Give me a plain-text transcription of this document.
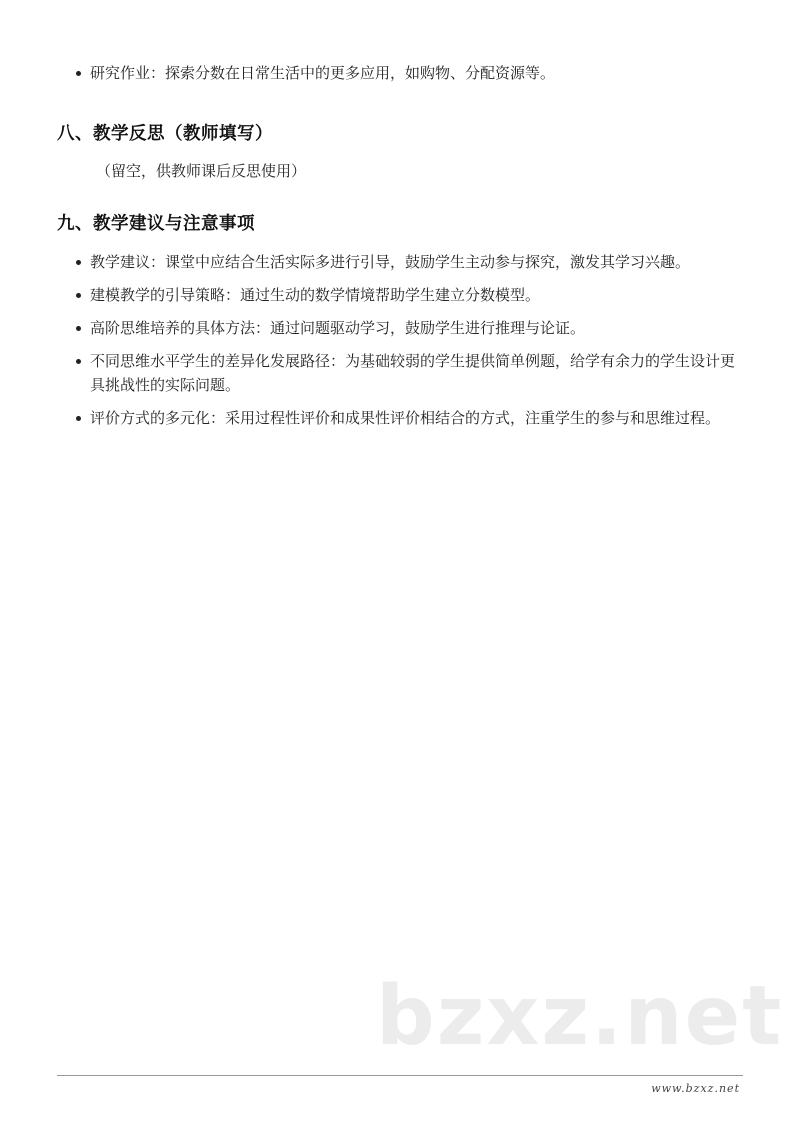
研究作业：探索分数在日常生活中的更多应用，如购物、分配资源等。
八、教学反思（教师填写）
（留空，供教师课后反思使用）
九、教学建议与注意事项
教学建议：课堂中应结合生活实际多进行引导，鼓励学生主动参与探究，激发其学习兴趣。
建模教学的引导策略：通过生动的数学情境帮助学生建立分数模型。
高阶思维培养的具体方法：通过问题驱动学习，鼓励学生进行推理与论证。
不同思维水平学生的差异化发展路径：为基础较弱的学生提供简单例题，给学有余力的学生设计更具挑战性的实际问题。
评价方式的多元化：采用过程性评价和成果性评价相结合的方式，注重学生的参与和思维过程。
bzxz.net
www.bzxz.net
